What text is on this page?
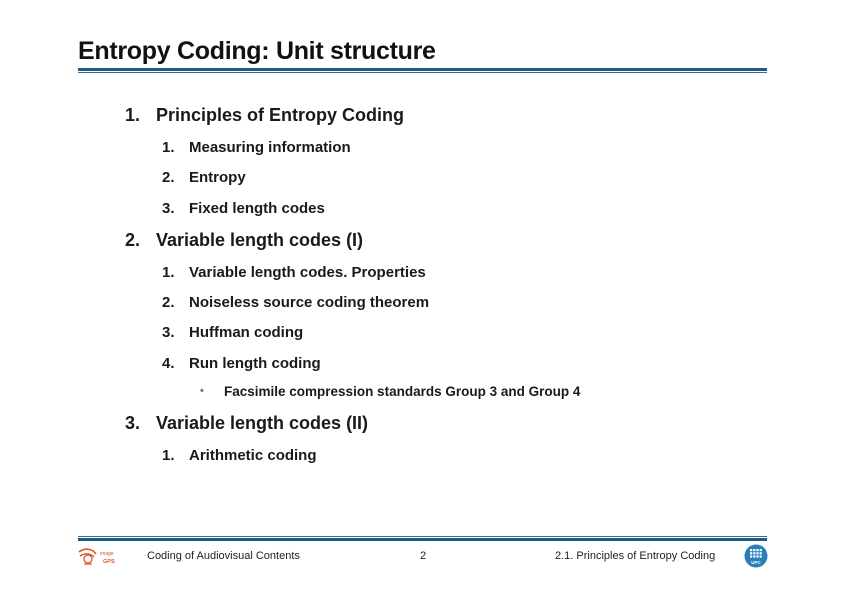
Entropy Coding: Unit structure
1. Principles of Entropy Coding
1. Measuring information
2. Entropy
3. Fixed length codes
2. Variable length codes (I)
1. Variable length codes. Properties
2. Noiseless source coding theorem
3. Huffman coding
4. Run length coding
• Facsimile compression standards Group 3 and Group 4
3. Variable length codes (II)
1. Arithmetic coding
image
GPS	Coding of Audiovisual Contents	2	2.1. Principles of Entropy Coding
UPC
